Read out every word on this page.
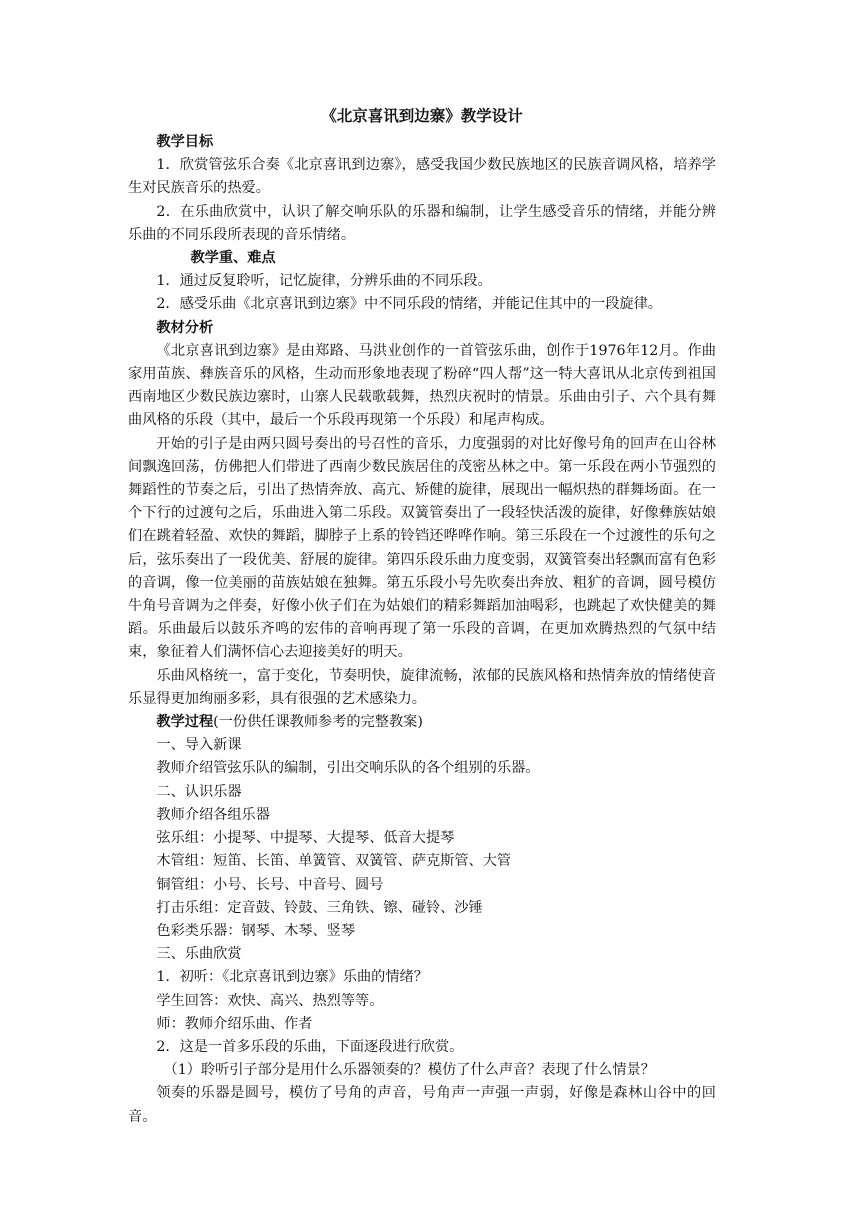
《北京喜讯到边寨》教学设计

教学目标

1．欣赏管弦乐合奏《北京喜讯到边寨》，感受我国少数民族地区的民族音调风格，培养学生对民族音乐的热爱。

2．在乐曲欣赏中，认识了解交响乐队的乐器和编制，让学生感受音乐的情绪，并能分辨乐曲的不同乐段所表现的音乐情绪。

教学重、难点

1．通过反复聆听，记忆旋律，分辨乐曲的不同乐段。

2．感受乐曲《北京喜讯到边寨》中不同乐段的情绪，并能记住其中的一段旋律。

教材分析

《北京喜讯到边寨》是由郑路、马洪业创作的一首管弦乐曲，创作于1976年12月。作曲家用苗族、彝族音乐的风格，生动而形象地表现了粉碎“四人帮”这一特大喜讯从北京传到祖国西南地区少数民族边寨时，山寨人民载歌载舞，热烈庆祝时的情景。乐曲由引子、六个具有舞曲风格的乐段（其中，最后一个乐段再现第一个乐段）和尾声构成。

开始的引子是由两只圆号奏出的号召性的音乐，力度强弱的对比好像号角的回声在山谷林间飘逸回荡，仿佛把人们带进了西南少数民族居住的茂密丛林之中。第一乐段在两小节强烈的舞蹈性的节奏之后，引出了热情奔放、高亢、矫健的旋律，展现出一幅炽热的群舞场面。在一个下行的过渡句之后，乐曲进入第二乐段。双簧管奏出了一段轻快活泼的旋律，好像彝族姑娘们在跳着轻盈、欢快的舞蹈，脚脖子上系的铃铛还哗哗作响。第三乐段在一个过渡性的乐句之后，弦乐奏出了一段优美、舒展的旋律。第四乐段乐曲力度变弱，双簧管奏出轻飘而富有色彩的音调，像一位美丽的苗族姑娘在独舞。第五乐段小号先吹奏出奔放、粗犷的音调，圆号模仿牛角号音调为之伴奏，好像小伙子们在为姑娘们的精彩舞蹈加油喝彩，也跳起了欢快健美的舞蹈。乐曲最后以鼓乐齐鸣的宏伟的音响再现了第一乐段的音调，在更加欢腾热烈的气氛中结束，象征着人们满怀信心去迎接美好的明天。

乐曲风格统一，富于变化，节奏明快，旋律流畅，浓郁的民族风格和热情奔放的情绪使音乐显得更加绚丽多彩，具有很强的艺术感染力。

教学过程(一份供任课教师参考的完整教案)

一、导入新课

教师介绍管弦乐队的编制，引出交响乐队的各个组别的乐器。

二、认识乐器

教师介绍各组乐器

弦乐组：小提琴、中提琴、大提琴、低音大提琴

木管组：短笛、长笛、单簧管、双簧管、萨克斯管、大管

铜管组：小号、长号、中音号、圆号

打击乐组：定音鼓、铃鼓、三角铁、镲、碰铃、沙锤

色彩类乐器：钢琴、木琴、竖琴

三、乐曲欣赏

1．初听：《北京喜讯到边寨》乐曲的情绪？

学生回答：欢快、高兴、热烈等等。

师：教师介绍乐曲、作者

2．这是一首多乐段的乐曲，下面逐段进行欣赏。

（1）聆听引子部分是用什么乐器领奏的？模仿了什么声音？表现了什么情景？

领奏的乐器是圆号，模仿了号角的声音，号角声一声强一声弱，好像是森林山谷中的回音。
